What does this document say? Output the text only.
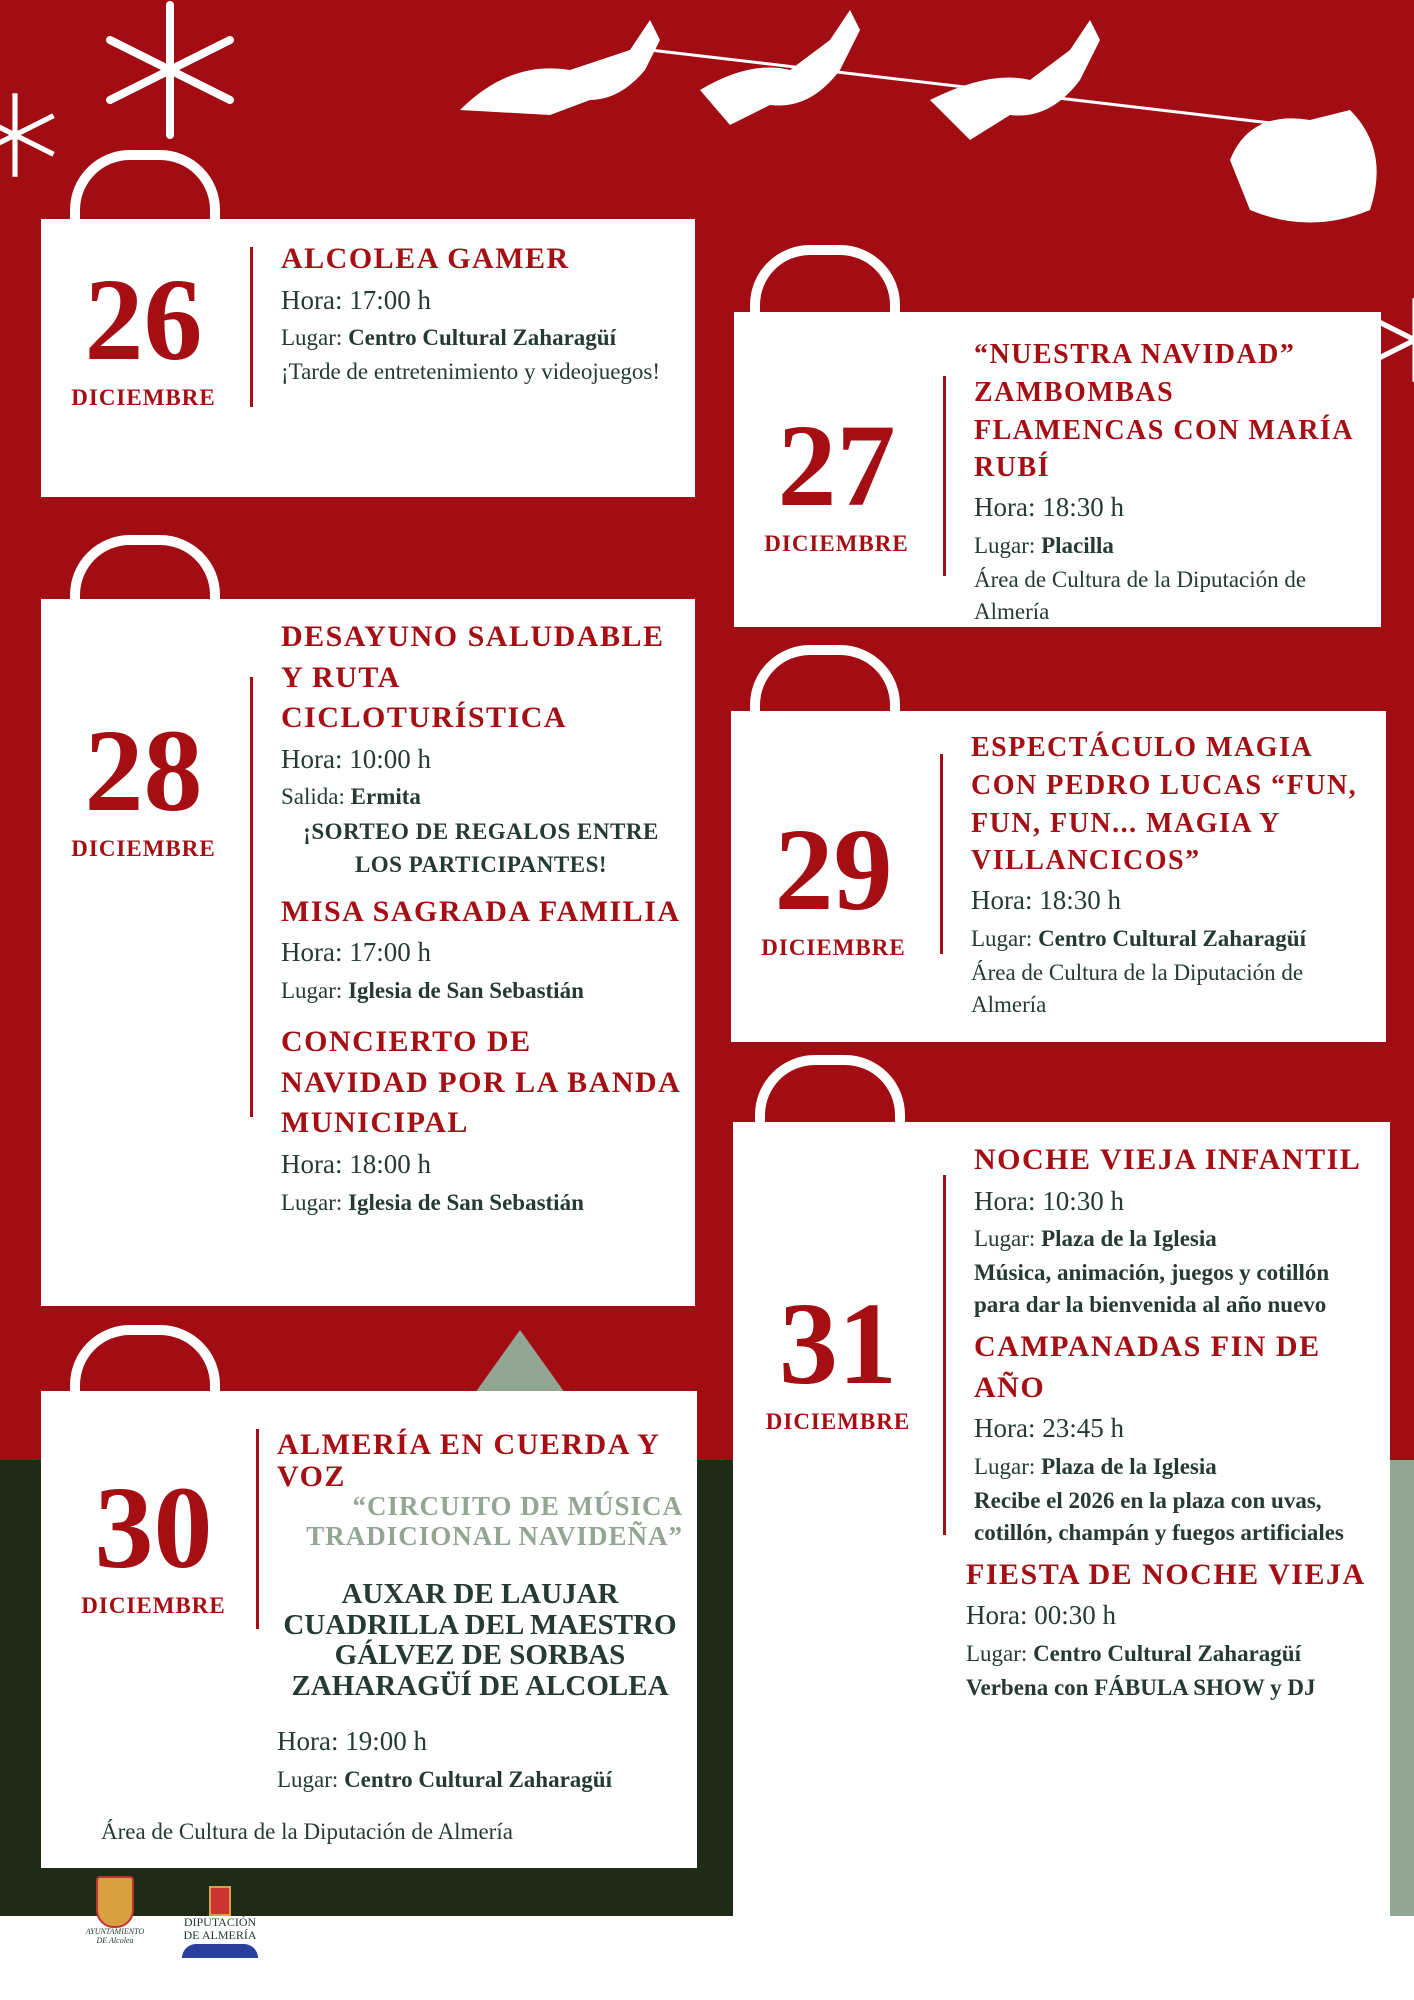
26
DICIEMBRE
ALCOLEA GAMER
Hora: 17:00 h
Lugar: Centro Cultural Zaharagüí
¡Tarde de entretenimiento y videojuegos!
27
DICIEMBRE
“NUESTRA NAVIDAD” ZAMBOMBAS FLAMENCAS CON MARÍA RUBÍ
Hora: 18:30 h
Lugar: Placilla
Área de Cultura de la Diputación de Almería
28
DICIEMBRE
DESAYUNO SALUDABLE Y RUTA CICLOTURÍSTICA
Hora: 10:00 h
Salida: Ermita
¡SORTEO DE REGALOS ENTRE LOS PARTICIPANTES!
MISA SAGRADA FAMILIA
Hora: 17:00 h
Lugar: Iglesia de San Sebastián
CONCIERTO DE NAVIDAD POR LA BANDA MUNICIPAL
Hora: 18:00 h
Lugar: Iglesia de San Sebastián
29
DICIEMBRE
ESPECTÁCULO MAGIA CON PEDRO LUCAS “FUN, FUN, FUN... MAGIA Y VILLANCICOS”
Hora: 18:30 h
Lugar: Centro Cultural Zaharagüí
Área de Cultura de la Diputación de Almería
30
DICIEMBRE
ALMERÍA EN CUERDA Y VOZ
“CIRCUITO DE MÚSICA TRADICIONAL NAVIDEÑA”
AUXAR DE LAUJAR
CUADRILLA DEL MAESTRO
GÁLVEZ DE SORBAS
ZAHARAGÜÍ DE ALCOLEA
Hora: 19:00 h
Lugar: Centro Cultural Zaharagüí
Área de Cultura de la Diputación de Almería
31
DICIEMBRE
NOCHE VIEJA INFANTIL
Hora: 10:30 h
Lugar: Plaza de la Iglesia
Música, animación, juegos y cotillón para dar la bienvenida al año nuevo
CAMPANADAS FIN DE AÑO
Hora: 23:45 h
Lugar: Plaza de la Iglesia
Recibe el 2026 en la plaza con uvas, cotillón, champán y fuegos artificiales
FIESTA DE NOCHE VIEJA
Hora: 00:30 h
Lugar: Centro Cultural Zaharagüí
Verbena con FÁBULA SHOW y DJ
AYUNTAMIENTO DE Alcolea
DIPUTACIÓN
DE ALMERÍA
